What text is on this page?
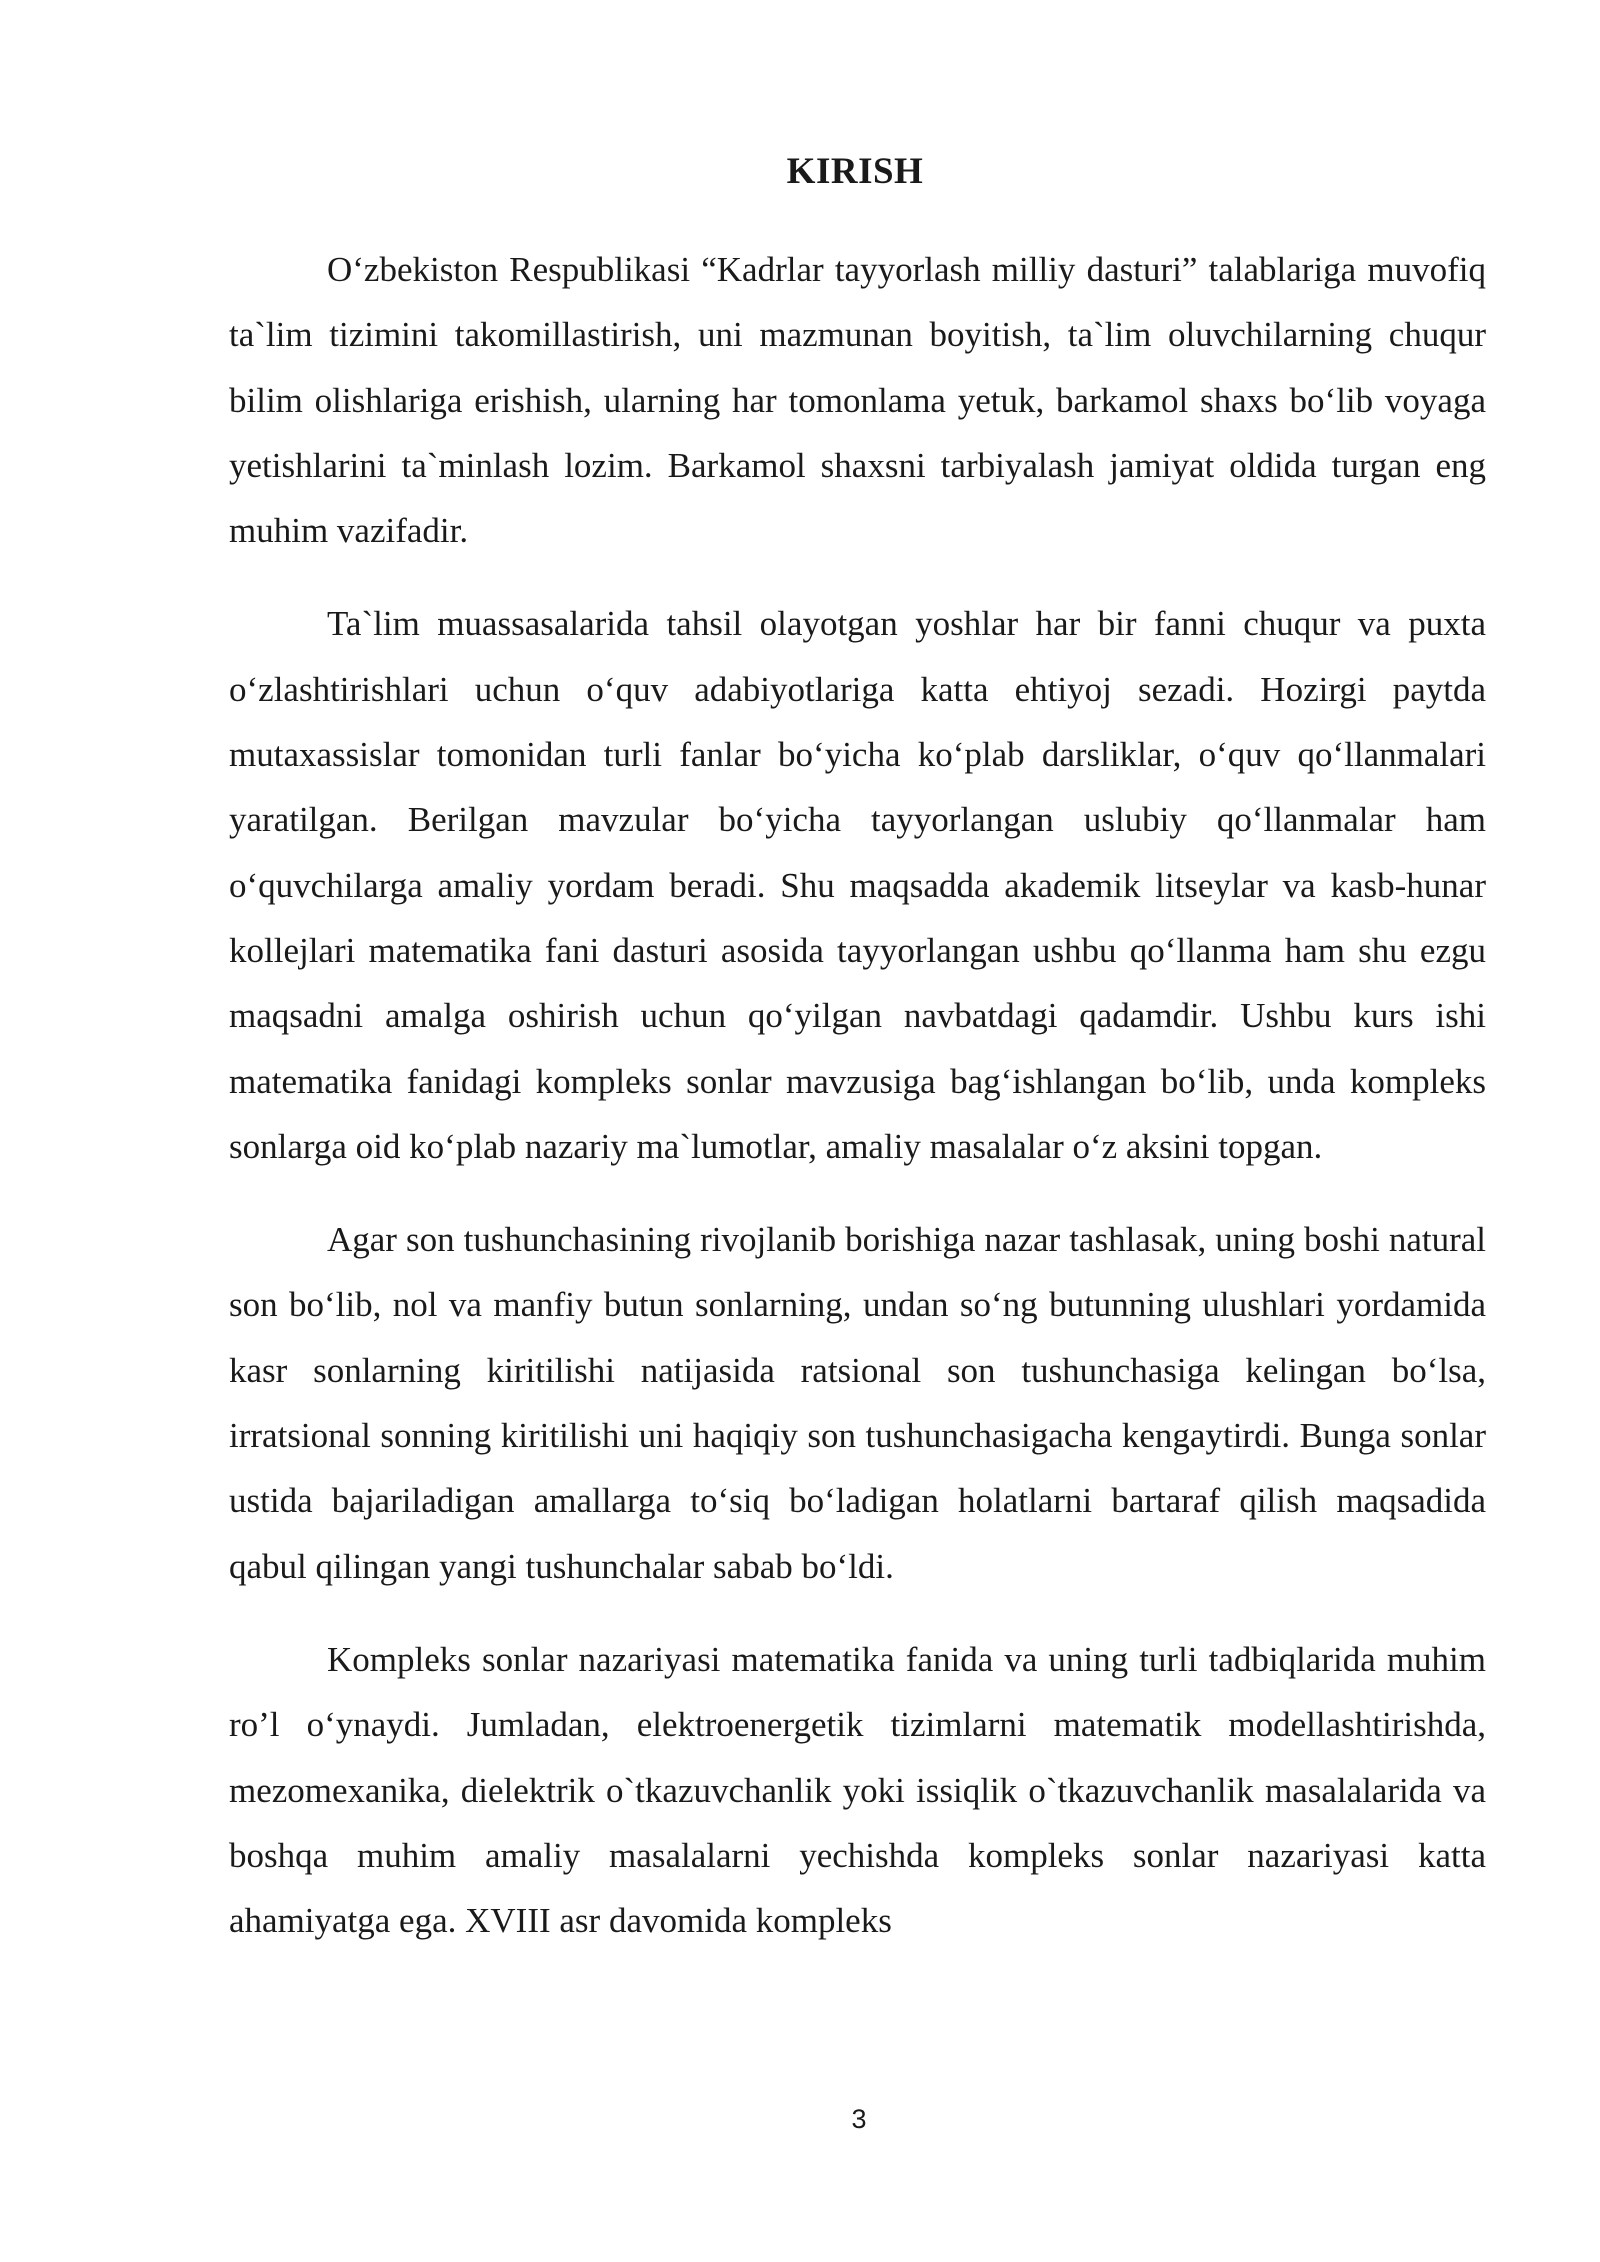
KIRISH

O‘zbekiston Respublikasi “Kadrlar tayyorlash milliy dasturi” talablariga muvofiq ta`lim tizimini takomillastirish, uni mazmunan boyitish, ta`lim oluvchilarning chuqur bilim olishlariga erishish, ularning har tomonlama yetuk, barkamol shaxs bo‘lib voyaga yetishlarini ta`minlash lozim. Barkamol shaxsni tarbiyalash jamiyat oldida turgan eng muhim vazifadir.

Ta`lim muassasalarida tahsil olayotgan yoshlar har bir fanni chuqur va puxta o‘zlashtirishlari uchun o‘quv adabiyotlariga katta ehtiyoj sezadi. Hozirgi paytda mutaxassislar tomonidan turli fanlar bo‘yicha ko‘plab darsliklar, o‘quv qo‘llanmalari yaratilgan. Berilgan mavzular bo‘yicha tayyorlangan uslubiy qo‘llanmalar ham o‘quvchilarga amaliy yordam beradi. Shu maqsadda akademik litseylar va kasb-hunar kollejlari matematika fani dasturi asosida tayyorlangan ushbu qo‘llanma ham shu ezgu maqsadni amalga oshirish uchun qo‘yilgan navbatdagi qadamdir. Ushbu kurs ishi matematika fanidagi kompleks sonlar mavzusiga bag‘ishlangan bo‘lib, unda kompleks sonlarga oid ko‘plab nazariy ma`lumotlar, amaliy masalalar o‘z aksini topgan.

Agar son tushunchasining rivojlanib borishiga nazar tashlasak, uning boshi natural son bo‘lib, nol va manfiy butun sonlarning, undan so‘ng butunning ulushlari yordamida kasr sonlarning kiritilishi natijasida ratsional son tushunchasiga kelingan bo‘lsa, irratsional sonning kiritilishi uni haqiqiy son tushunchasigacha kengaytirdi. Bunga sonlar ustida bajariladigan amallarga to‘siq bo‘ladigan holatlarni bartaraf qilish maqsadida qabul qilingan yangi tushunchalar sabab bo‘ldi.

Kompleks sonlar nazariyasi matematika fanida va uning turli tadbiqlarida muhim ro’l o‘ynaydi. Jumladan, elektroenergetik tizimlarni matematik modellashtirishda, mezomexanika, dielektrik o`tkazuvchanlik yoki issiqlik o`tkazuvchanlik masalalarida va boshqa muhim amaliy masalalarni yechishda kompleks sonlar nazariyasi katta ahamiyatga ega. XVIII asr davomida kompleks

3
